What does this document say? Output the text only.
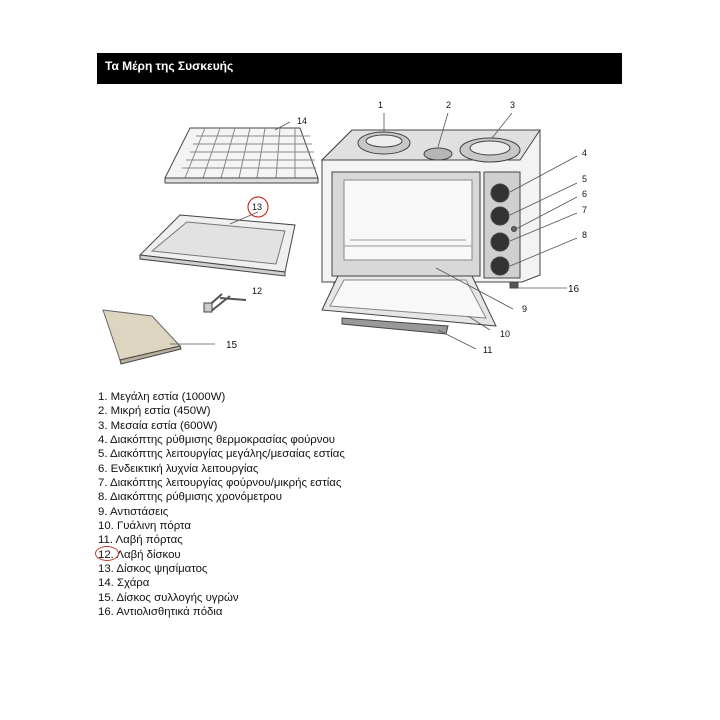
Τα Μέρη της Συσκευής
1	2	3
14
4
5
6
7
8
13
12	16
9
10
11
15
1. Μεγάλη εστία (1000W)
2. Μικρή εστία (450W)
3. Μεσαία εστία (600W)
4. Διακόπτης ρύθμισης θερμοκρασίας φούρνου
5. Διακόπτης λειτουργίας μεγάλης/μεσαίας εστίας
6. Ενδεικτική λυχνία λειτουργίας
7. Διακόπτης λειτουργίας φούρνου/μικρής εστίας
8. Διακόπτης ρύθμισης χρονόμετρου
9. Αντιστάσεις
10. Γυάλινη πόρτα
11. Λαβή πόρτας
12. Λαβή δίσκου
13. Δίσκος ψησίματος
14. Σχάρα
15. Δίσκος συλλογής υγρών
16. Αντιολισθητικά πόδια
